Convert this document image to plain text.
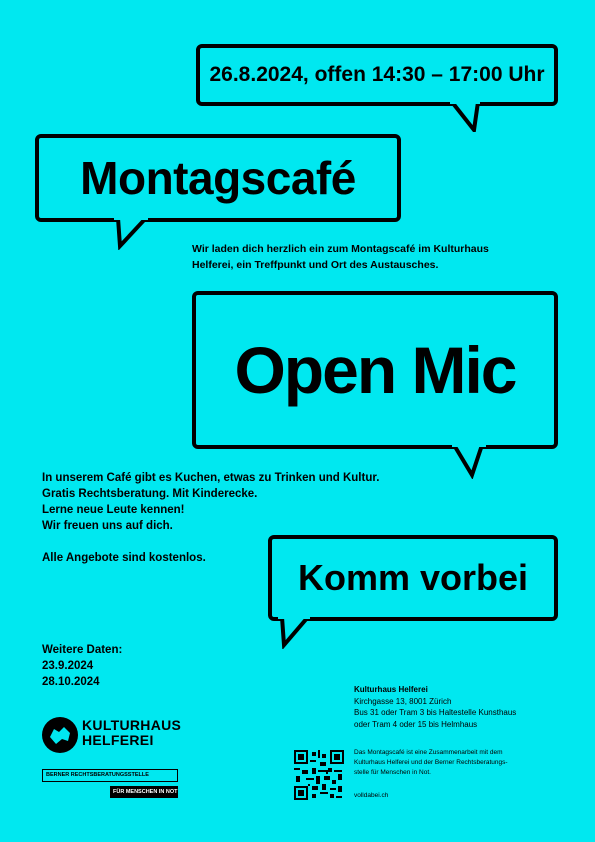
26.8.2024, offen 14:30 – 17:00 Uhr
Montagscafé
Wir laden dich herzlich ein zum Montagscafé im Kulturhaus
Helferei, ein Treffpunkt und Ort des Austausches.
Open Mic
In unserem Café gibt es Kuchen, etwas zu Trinken und Kultur.
Gratis Rechtsberatung. Mit Kinderecke.
Lerne neue Leute kennen!
Wir freuen uns auf dich.
Alle Angebote sind kostenlos.	Komm vorbei
Weitere Daten:
23.9.2024
28.10.2024
Kulturhaus Helferei
Kirchgasse 13, 8001 Zürich
Bus 31 oder Tram 3 bis Haltestelle Kunsthaus
oder Tram 4 oder 15 bis Helmhaus
Das Montagscafé ist eine Zusammenarbeit mit dem
Kulturhaus Helferei und der Berner Rechtsberatungs-
stelle für Menschen in Not.
volldabei.ch
KULTURHAUS
HELFEREI
BERNER RECHTSBERATUNGSSTELLE
FÜR MENSCHEN IN NOT
